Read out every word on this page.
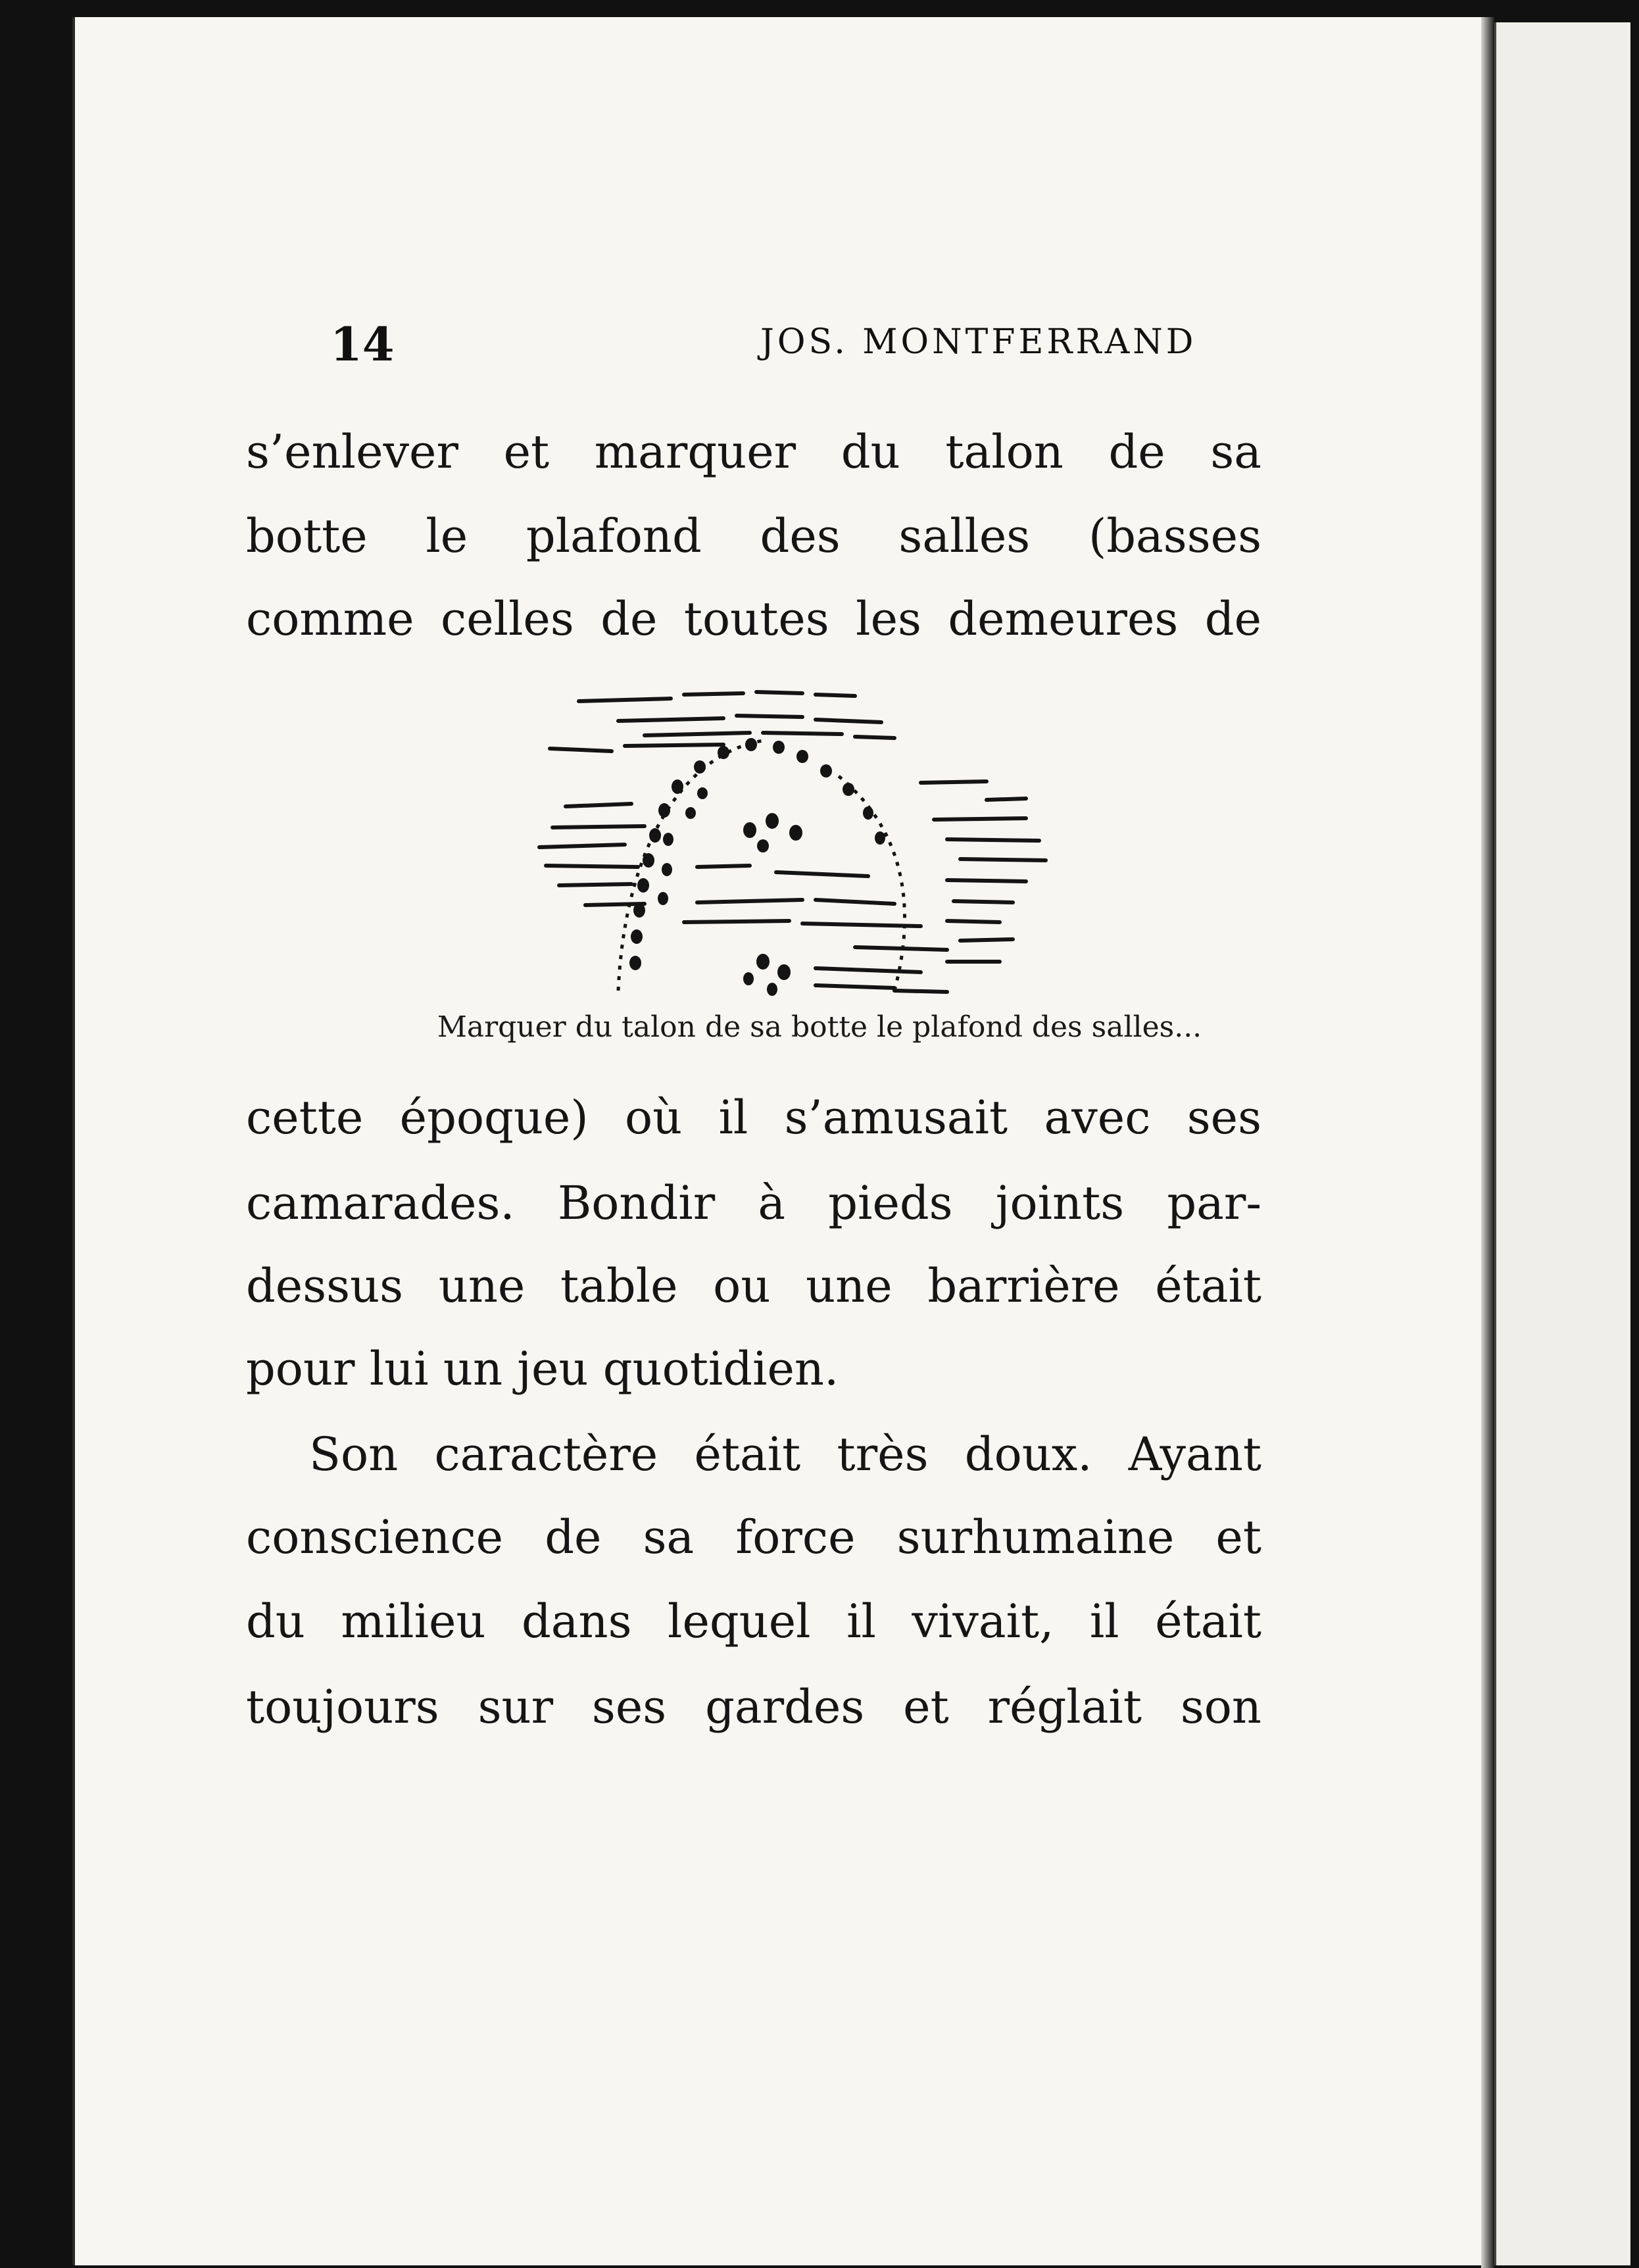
14	JOS. MONTFERRAND
s’enlever et marquer du talon de sa
botte le plafond des salles (basses
comme celles de toutes les demeures de
Marquer du talon de sa botte le plafond des salles...
cette époque) où il s’amusait avec ses
camarades. Bondir à pieds joints par-
dessus une table ou une barrière était
pour lui un jeu quotidien.
Son caractère était très doux. Ayant
conscience de sa force surhumaine et
du milieu dans lequel il vivait, il était
toujours sur ses gardes et réglait son
